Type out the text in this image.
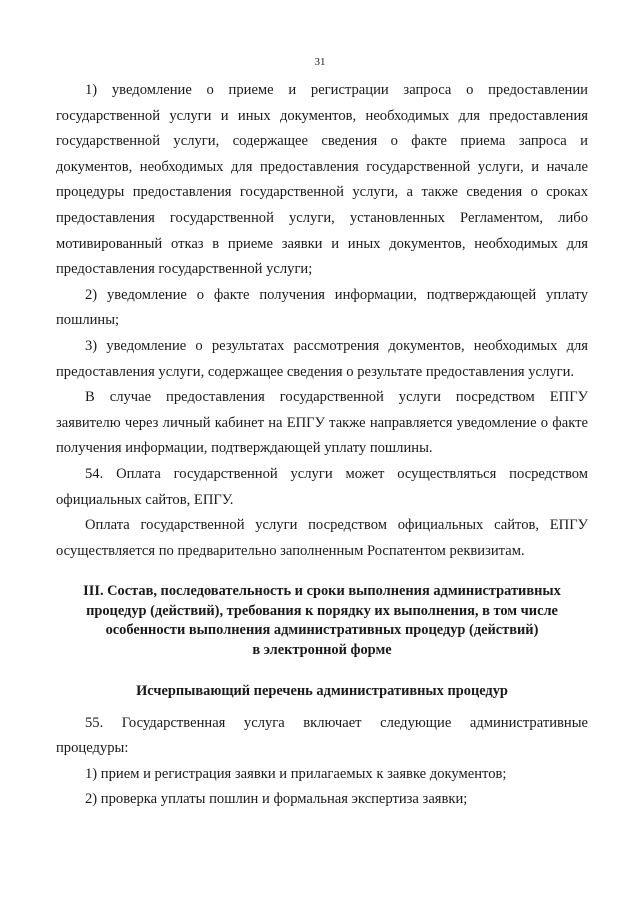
31

1) уведомление о приеме и регистрации запроса о предоставлении государственной услуги и иных документов, необходимых для предоставления государственной услуги, содержащее сведения о факте приема запроса и документов, необходимых для предоставления государственной услуги, и начале процедуры предоставления государственной услуги, а также сведения о сроках предоставления государственной услуги, установленных Регламентом, либо мотивированный отказ в приеме заявки и иных документов, необходимых для предоставления государственной услуги;

2) уведомление о факте получения информации, подтверждающей уплату пошлины;

3) уведомление о результатах рассмотрения документов, необходимых для предоставления услуги, содержащее сведения о результате предоставления услуги.

В случае предоставления государственной услуги посредством ЕПГУ заявителю через личный кабинет на ЕПГУ также направляется уведомление о факте получения информации, подтверждающей уплату пошлины.

54. Оплата государственной услуги может осуществляться посредством официальных сайтов, ЕПГУ.

Оплата государственной услуги посредством официальных сайтов, ЕПГУ осуществляется по предварительно заполненным Роспатентом реквизитам.

III. Состав, последовательность и сроки выполнения административных
процедур (действий), требования к порядку их выполнения, в том числе
особенности выполнения административных процедур (действий)
в электронной форме
Исчерпывающий перечень административных процедур

55. Государственная услуга включает следующие административные процедуры:

1) прием и регистрация заявки и прилагаемых к заявке документов;

2) проверка уплаты пошлин и формальная экспертиза заявки;
